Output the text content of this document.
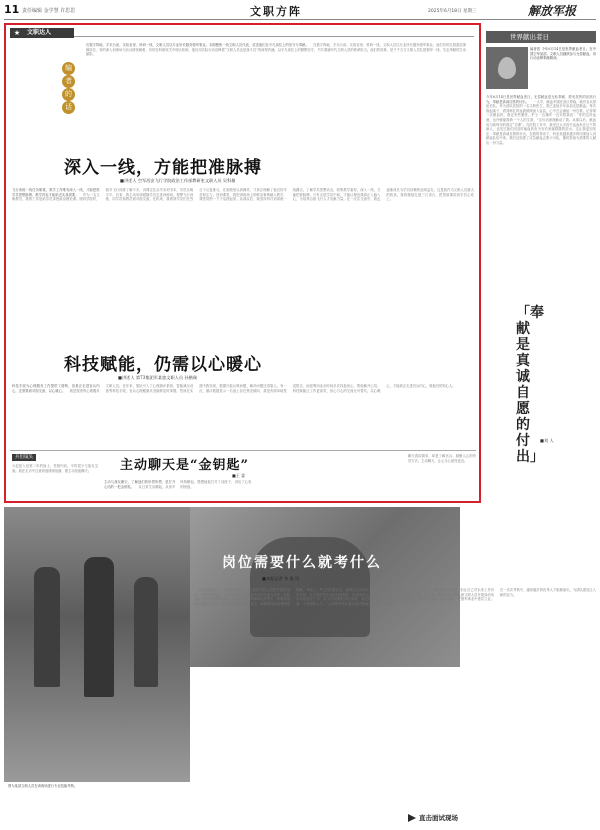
11 责任编辑 金学慧 许思思	文职方阵	2025年6月18日 星期三	解放军报
★	文职达人
编者的话
在数字阵地、手术台前、实验室里、科研一线，文职人员以专业所长服务强军事业。本期聚焦一线文职人员代表，讲述他们在平凡岗位上的坚守与奉献。 　在数字阵地、手术台前、实验室里、科研一线，文职人员以专业所长服务强军事业。他们有的扎根基层保障岗位，有的深入训练场为官兵排忧解难，有的在科研攻关中埋头钻研。他们用实际行动诠释着“文职人员也是战斗员”的深刻内涵，以平凡岗位上的默默坚守，书写着新时代文职人员的使命担当。他们的故事，是千千万万文职人员扎根强军一线、矢志奉献的生动缩影。
深入一线，方能把准脉搏
■讲述人 空军西安飞行学院政治工作部教研室文职人员 吴科雄
飞行训练一线任务繁重，教学工作唯有深入一线，才能把准学员思想脉搏，教学内容才能贴近实战需要。 　作为一名文职教员，我的工作是给学员讲授政治理论课。刚到学院时，我对飞行训练了解不多，讲课往往从书本到书本，学员反响平平。后来，我主动申请跟随学员走进训练场，观摩飞行训练，同学员和教员面对面交流。在机场，我看到学员们在烈日下反复练习，在座舱里认真操作，才真正理解了他们的辛苦和压力。回到课堂，我把训练场上的鲜活事例融入教学，课堂氛围一下子活跃起来。从那以后，我坚持每月到训练一线蹲点，了解学员思想动态，收集教学素材。深入一线，方能把准脉搏。只有走进学员中间，才能让理论课真正入脑入心，为培养合格飞行人才贡献力量。在一次次交流中，我也逐渐成长为学员信赖的良师益友，这是我作为文职人员最大的收获。我将继续扎根三尺讲台，把思政课讲到学员心坎上。
科技赋能，仍需以心暖心
■讲述人 第73集团军某旅文职人员 孙楷瑞
科技手段为心理服务工作提供了便利，但真正走进官兵内心，还需要面对面交流、以心暖心。 　我是旅里的心理服务文职人员。近年来，旅队引入了心理测评系统、智能减压设备等科技手段，官兵心理健康状况能够及时掌握。然而在实践中我发现，数据只能反映问题，解决问题还得靠人。有一次，测评数据显示一名战士存在焦虑倾向，我没有简单地发送报告，而是利用业余时间多次找他谈心，帮他解开心结。科技赋能让工作更高效，但心与心的交流无可替代。以心暖心，才能真正走进官兵内心，做他们的知心人。
兵侣镜头
小赵是入伍第二年的战士，性格内向，平时很少与战友交流。我在走访中注意到他情绪低落，便主动找他聊天。	主动聊天是“金钥匙”
■王 睿
主动与战友聊天，了解他们的所思所想，是打开心结的一把金钥匙。 　从日常生活聊起，从家乡风物聊起，慢慢地他打开了话匣子，讲出了心里的困惑。
聊天看似简单，却是了解官兵、凝聚人心的有效方法。主动聊天，让心与心贴得更近。
世界献出者日
编者按 今年6月14日是世界献血者日。在中国空军某部，文职人员踊跃参与无偿献血，用行动诠释奉献精神。
今年6月14日是世界献血者日。无偿献血是无私奉献、救死扶伤的崇高行为，奉献是真诚自愿的付出。 　一大早，献血车刚在营区停稳，就有官兵排起长队。作为部队医院的一名文职医生，我已连续多年参加无偿献血。每次挽起袖子，看到鲜红的血液缓缓流入血袋，心中总会涌起一份自豪。记得第一次献血时，我还有些紧张，护士一边操作一边安慰我说：“你的这份血液，也许就能挽救一个人的生命。”这句话深深触动了我。从那以后，献血成为我每年的固定“功课”。在医院工作中，我见过太多因失血而危在旦夕的病人，也见过他们因及时输血转危为安后家属感激的泪水。这让我更加坚定：奉献是真诚自愿的付出。在我的带动下，科室里越来越多的同事加入到献血队伍中来。我们还组建了应急献血志愿小分队，随时准备为需要的人献出一份力量。
「奉献是真诚自愿的付出」
■刘 人
图为某部文职人员在训练场进行专业技能考核。
岗位需要什么就考什么
■本报记者 李 俊 均
　“岗位需要什么，我们就考什么。”在某部文职人员招考面试现场，考官这样说道。今年的面试环节更加突出岗位能力导向，围绕实际工作场景设置考题。一名报考卫生保障岗位的考生，被要求现场处置模拟伤员；报考信息技术岗位的考生，则需要现场排查网络故障。考场上，考生们沉着应对，展现出扎实的专业功底。一位考官介绍，过去有的考生笔试成绩很好，但到岗后动手能力不足，难以尽快适应工作。如今面试紧贴岗位实际，就是要选出真正能干事、干成事的人才。“这样的考试让我们更清楚岗位需要什么样的能力。”一名考生表示，面试虽然有难度，但让自己对未来工作有了更清晰的认识。据了解，该部还将对新入职文职人员开展岗前培训，帮助他们尽快熟悉岗位、融入部队，在强军事业中建功立业。在一次次考核中，越来越多的优秀人才脱颖而出，为部队建设注入新的活力。
直击面试现场
